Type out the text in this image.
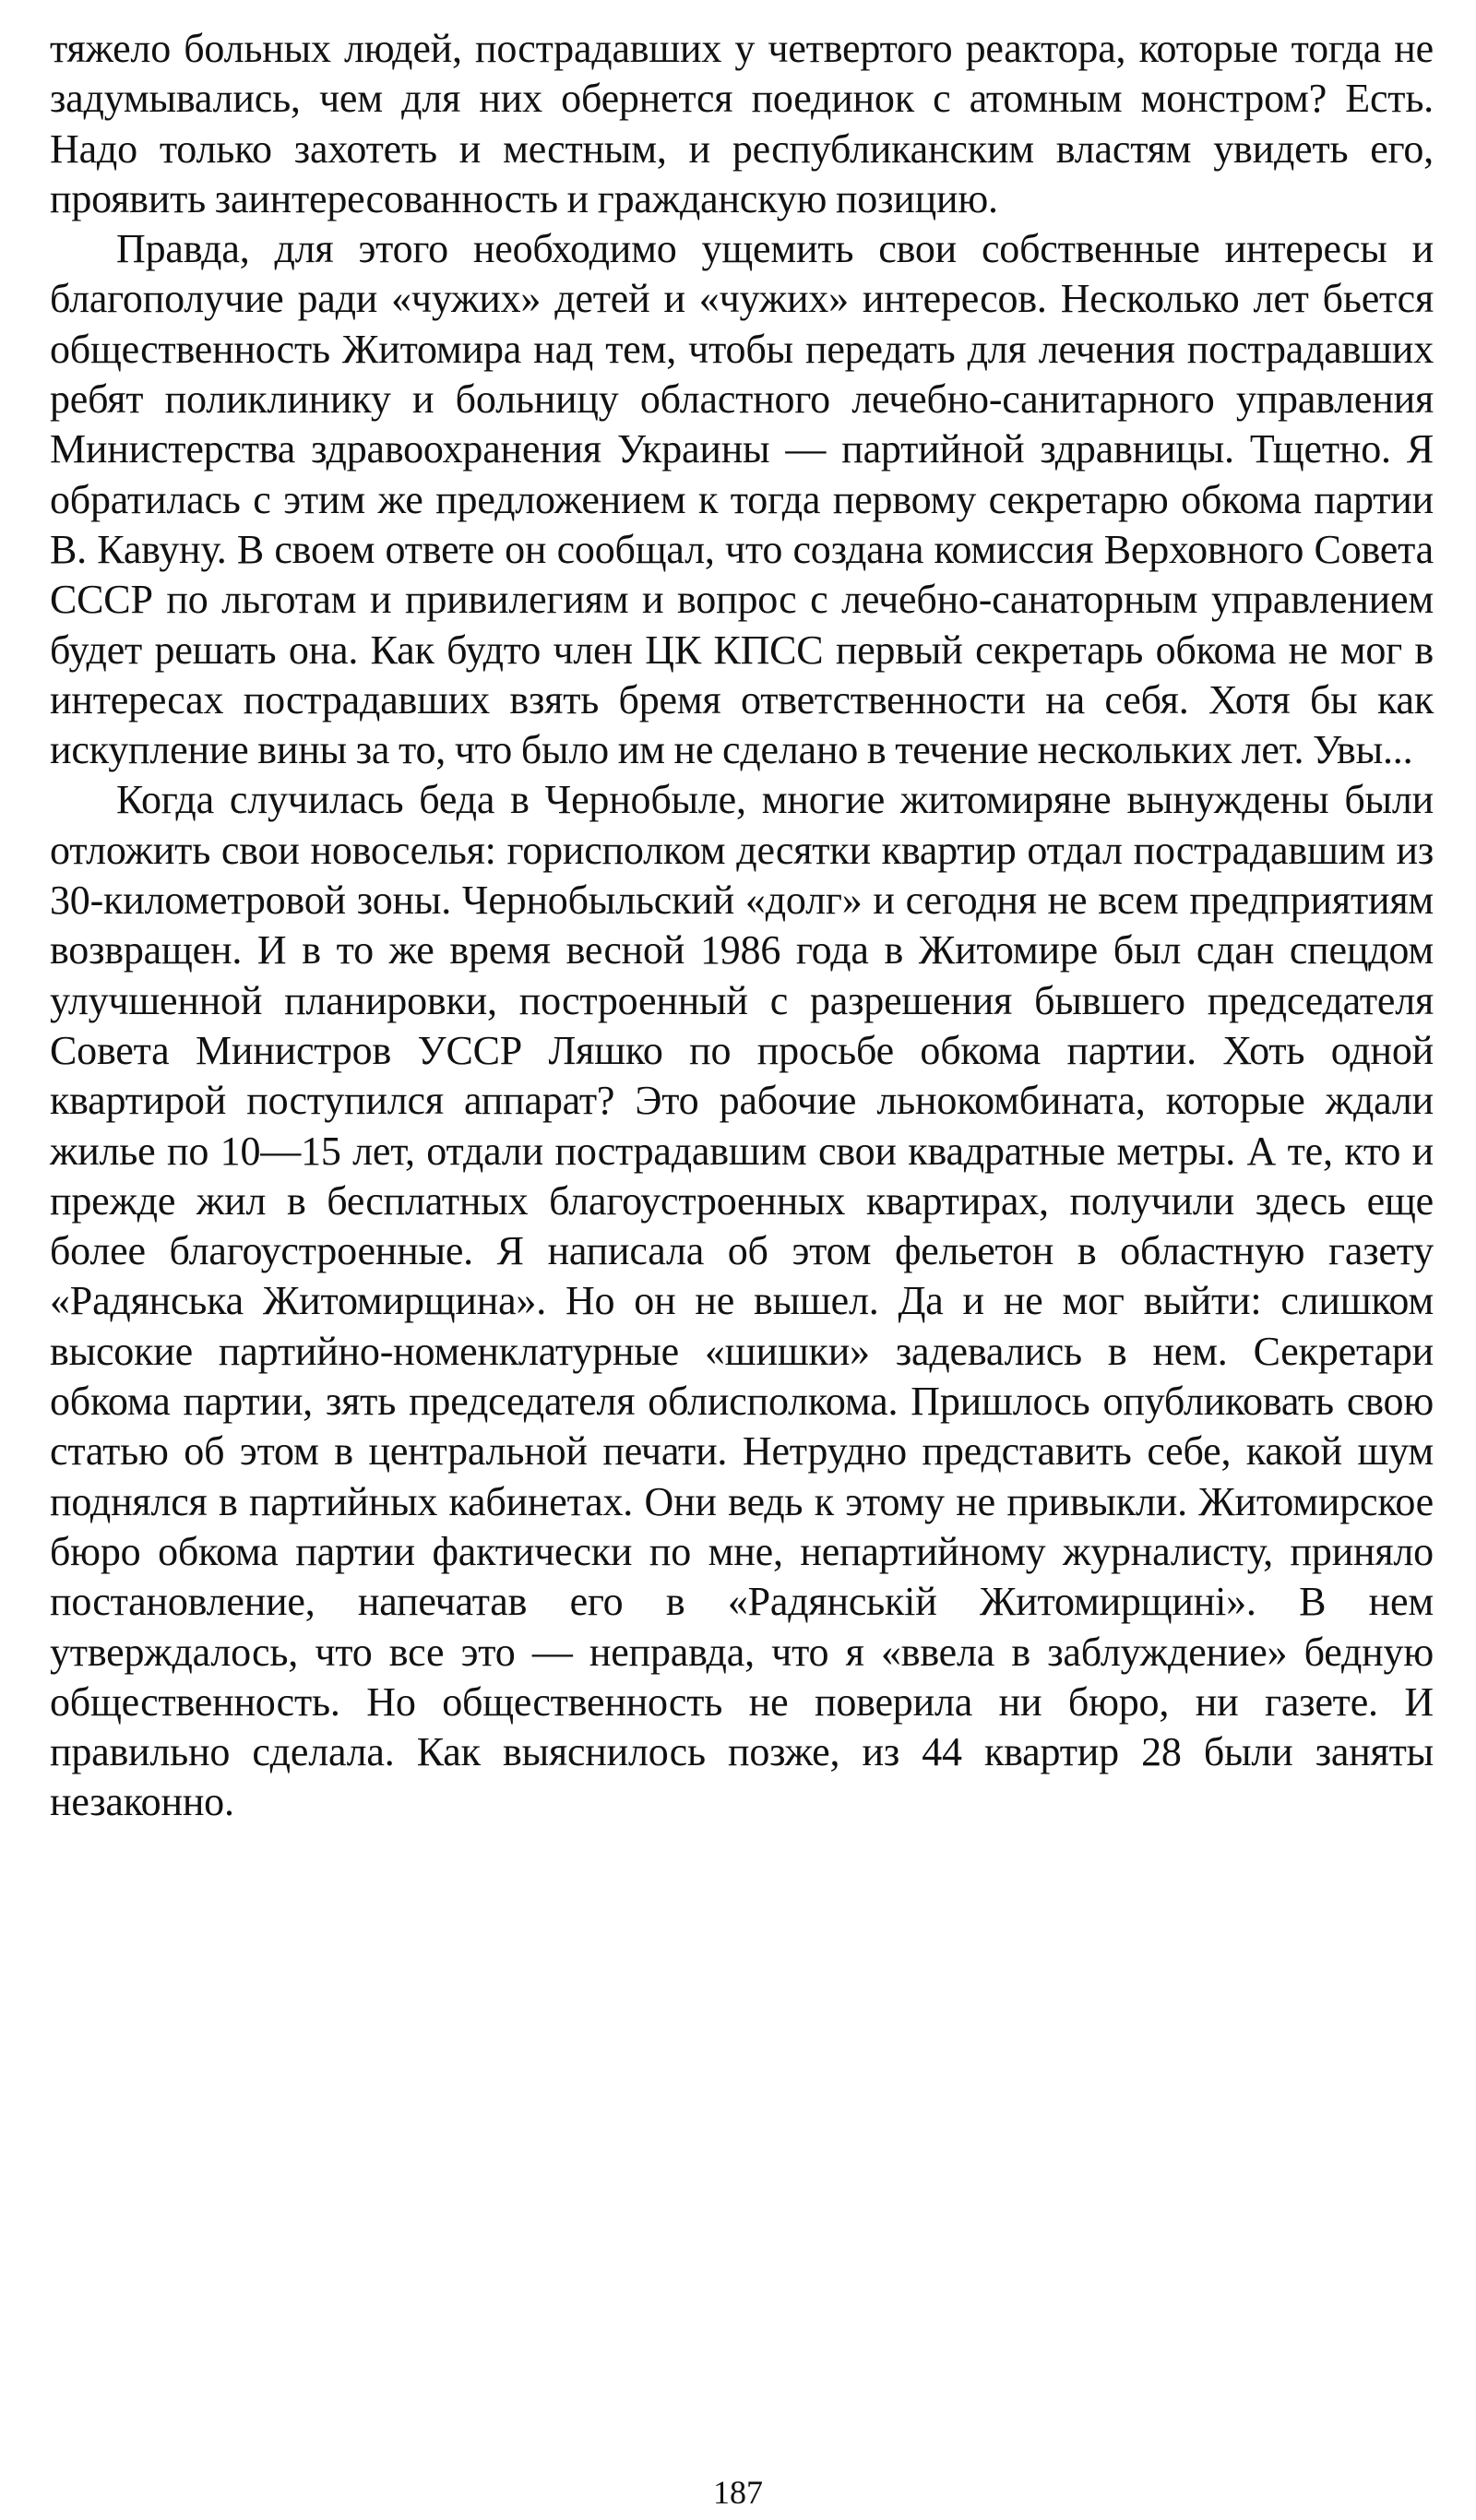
тяжело больных людей, пострадавших у четвертого реактора, которые тогда не задумывались, чем для них обернется поединок с атомным монстром? Есть. Надо только захотеть и местным, и республиканским властям увидеть его, проявить заинтересованность и гражданскую позицию.

Правда, для этого необходимо ущемить свои собственные интересы и благополучие ради «чужих» детей и «чужих» интересов. Несколько лет бьется общественность Житомира над тем, чтобы передать для лечения пострадавших ребят поликлинику и больницу областного лечебно-санитарного управления Министерства здравоохранения Украины — партийной здравницы. Тщетно. Я обратилась с этим же предложением к тогда первому секретарю обкома партии В. Кавуну. В своем ответе он сообщал, что создана комиссия Верховного Совета СССР по льготам и привилегиям и вопрос с лечебно-санаторным управлением будет решать она. Как будто член ЦК КПСС первый секретарь обкома не мог в интересах пострадавших взять бремя ответственности на себя. Хотя бы как искупление вины за то, что было им не сделано в течение нескольких лет. Увы...

Когда случилась беда в Чернобыле, многие житомиряне вынуждены были отложить свои новоселья: горисполком десятки квартир отдал пострадавшим из 30-километровой зоны. Чернобыльский «долг» и сегодня не всем предприятиям возвращен. И в то же время весной 1986 года в Житомире был сдан спецдом улучшенной планировки, построенный с разрешения бывшего председателя Совета Министров УССР Ляшко по просьбе обкома партии. Хоть одной квартирой поступился аппарат? Это рабочие льнокомбината, которые ждали жилье по 10—15 лет, отдали пострадавшим свои квадратные метры. А те, кто и прежде жил в бесплатных благоустроенных квартирах, получили здесь еще более благоустроенные. Я написала об этом фельетон в областную газету «Радянська Житомирщина». Но он не вышел. Да и не мог выйти: слишком высокие партийно-номенклатурные «шишки» задевались в нем. Секретари обкома партии, зять председателя облисполкома. Пришлось опубликовать свою статью об этом в центральной печати. Нетрудно представить себе, какой шум поднялся в партийных кабинетах. Они ведь к этому не привыкли. Житомирское бюро обкома партии фактически по мне, непартийному журналисту, приняло постановление, напечатав его в «Радянській Житомирщині». В нем утверждалось, что все это — неправда, что я «ввела в заблуждение» бедную общественность. Но общественность не поверила ни бюро, ни газете. И правильно сделала. Как выяснилось позже, из 44 квартир 28 были заняты незаконно.

187
